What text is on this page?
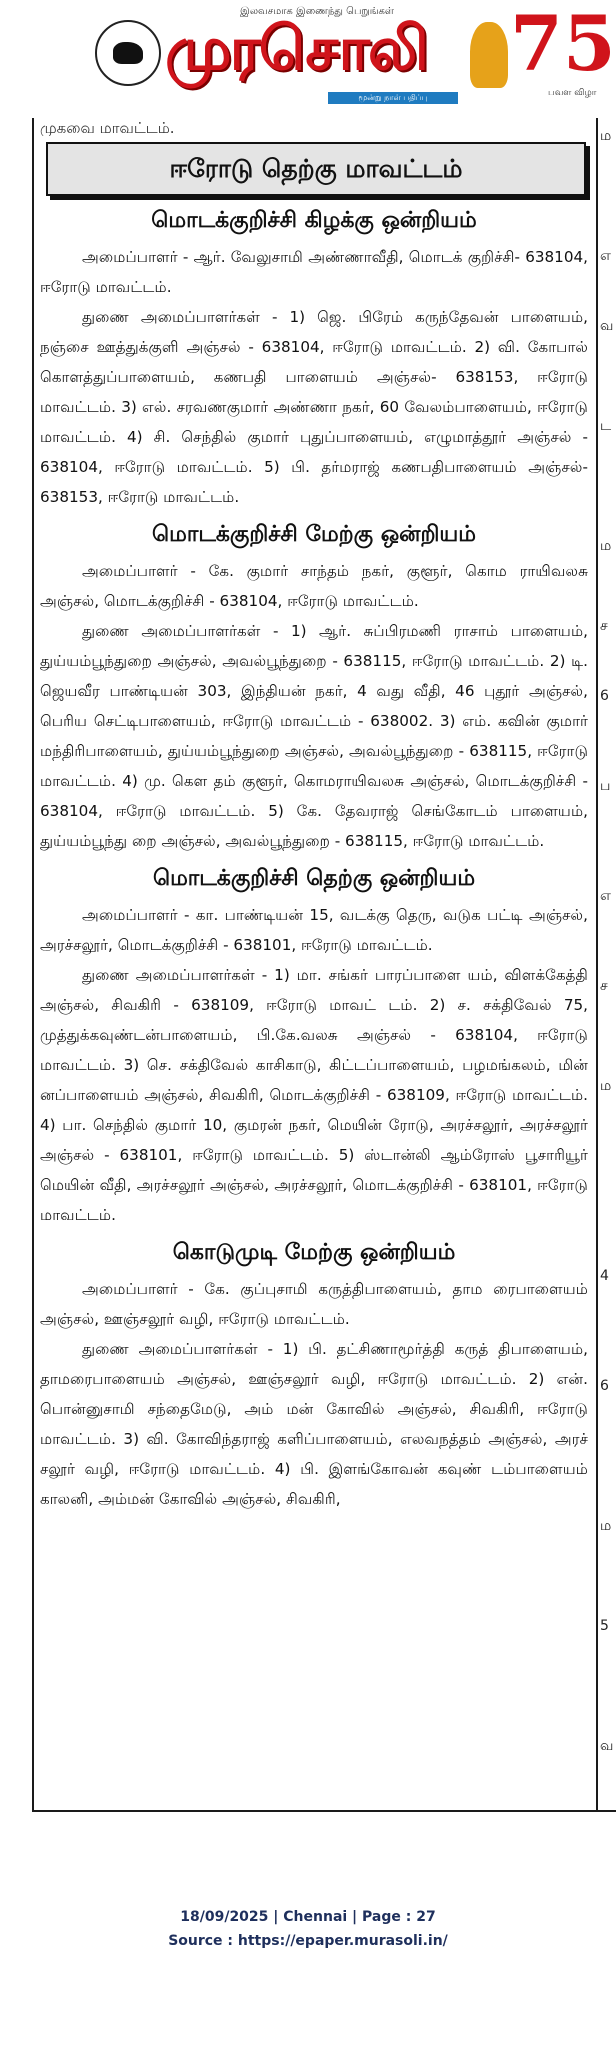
இலவசமாக இணைந்து பெறுங்கள்
முரசொலி
மூன்று நாள் பதிப்பு
75
பவள விழா
முகவை மாவட்டம்.
ஈரோடு தெற்கு மாவட்டம்
மொடக்குறிச்சி கிழக்கு ஒன்றியம்

அமைப்பாளர் - ஆர். வேலுசாமி அண்ணாவீதி, மொடக் குறிச்சி- 638104, ஈரோடு மாவட்டம்.

துணை அமைப்பாளர்கள் - 1) ஜெ. பிரேம் கருந்தேவன் பாளையம், நஞ்சை ஊத்துக்குளி அஞ்சல் - 638104, ஈரோடு மாவட்டம். 2) வி. கோபால் கொளத்துப்பாளையம், கணபதி பாளையம் அஞ்சல்- 638153, ஈரோடு மாவட்டம். 3) எல். சரவணகுமார் அண்ணா நகர், 60 வேலம்பாளையம், ஈரோடு மாவட்டம். 4) சி. செந்தில் குமார் புதுப்பாளையம், எழுமாத்தூர் அஞ்சல் - 638104, ஈரோடு மாவட்டம். 5) பி. தர்மராஜ் கணபதிபாளையம் அஞ்சல்- 638153, ஈரோடு மாவட்டம்.

மொடக்குறிச்சி மேற்கு ஒன்றியம்

அமைப்பாளர் - கே. குமார் சாந்தம் நகர், குளூர், கொம ராயிவலசு அஞ்சல், மொடக்குறிச்சி - 638104, ஈரோடு மாவட்டம்.

துணை அமைப்பாளர்கள் - 1) ஆர். சுப்பிரமணி ராசாம் பாளையம், துய்யம்பூந்துறை அஞ்சல், அவல்பூந்துறை - 638115, ஈரோடு மாவட்டம். 2) டி. ஜெயவீர பாண்டியன் 303, இந்தியன் நகர், 4 வது வீதி, 46 புதூர் அஞ்சல், பெரிய செட்டிபாளையம், ஈரோடு மாவட்டம் - 638002. 3) எம். கவின் குமார் மந்திரிபாளையம், துய்யம்பூந்துறை அஞ்சல், அவல்பூந்துறை - 638115, ஈரோடு மாவட்டம். 4) மு. கௌ தம் குளூர், கொமராயிவலசு அஞ்சல், மொடக்குறிச்சி - 638104, ஈரோடு மாவட்டம். 5) கே. தேவராஜ் செங்கோடம் பாளையம், துய்யம்பூந்து றை அஞ்சல், அவல்பூந்துறை - 638115, ஈரோடு மாவட்டம்.

மொடக்குறிச்சி தெற்கு ஒன்றியம்

அமைப்பாளர் - கா. பாண்டியன் 15, வடக்கு தெரு, வடுக பட்டி அஞ்சல், அரச்சலூர், மொடக்குறிச்சி - 638101, ஈரோடு மாவட்டம்.

துணை அமைப்பாளர்கள் - 1) மா. சங்கர் பாரப்பாளை யம், விளக்கேத்தி அஞ்சல், சிவகிரி - 638109, ஈரோடு மாவட் டம். 2) ச. சக்திவேல் 75, முத்துக்கவுண்டன்பாளையம், பி.கே.வலசு அஞ்சல் - 638104, ஈரோடு மாவட்டம். 3) செ. சக்திவேல் காசிகாடு, கிட்டப்பாளையம், பழமங்கலம், மின் னப்பாளையம் அஞ்சல், சிவகிரி, மொடக்குறிச்சி - 638109, ஈரோடு மாவட்டம். 4) பா. செந்தில் குமார் 10, குமரன் நகர், மெயின் ரோடு, அரச்சலூர், அரச்சலூர் அஞ்சல் - 638101, ஈரோடு மாவட்டம். 5) ஸ்டான்லி ஆம்ரோஸ் பூசாரியூர் மெயின் வீதி, அரச்சலூர் அஞ்சல், அரச்சலூர், மொடக்குறிச்சி - 638101, ஈரோடு மாவட்டம்.

கொடுமுடி மேற்கு ஒன்றியம்

அமைப்பாளர் - கே. குப்புசாமி கருத்திபாளையம், தாம ரைபாளையம் அஞ்சல், ஊஞ்சலூர் வழி, ஈரோடு மாவட்டம்.

துணை அமைப்பாளர்கள் - 1) பி. தட்சிணாமூர்த்தி கருத் திபாளையம், தாமரைபாளையம் அஞ்சல், ஊஞ்சலூர் வழி, ஈரோடு மாவட்டம். 2) என். பொன்னுசாமி சந்தைமேடு, அம் மன் கோவில் அஞ்சல், சிவகிரி, ஈரோடு மாவட்டம். 3) வி. கோவிந்தராஜ் களிப்பாளையம், எலவநத்தம் அஞ்சல், அரச் சலூர் வழி, ஈரோடு மாவட்டம். 4) பி. இளங்கோவன் கவுண் டம்பாளையம் காலனி, அம்மன் கோவில் அஞ்சல், சிவகிரி,

ம
எ
வ
ட
ம
ச
6
ப
எ
ச
ம
4
6
ம
5
வ
18/09/2025 | Chennai | Page : 27
Source : https://epaper.murasoli.in/
